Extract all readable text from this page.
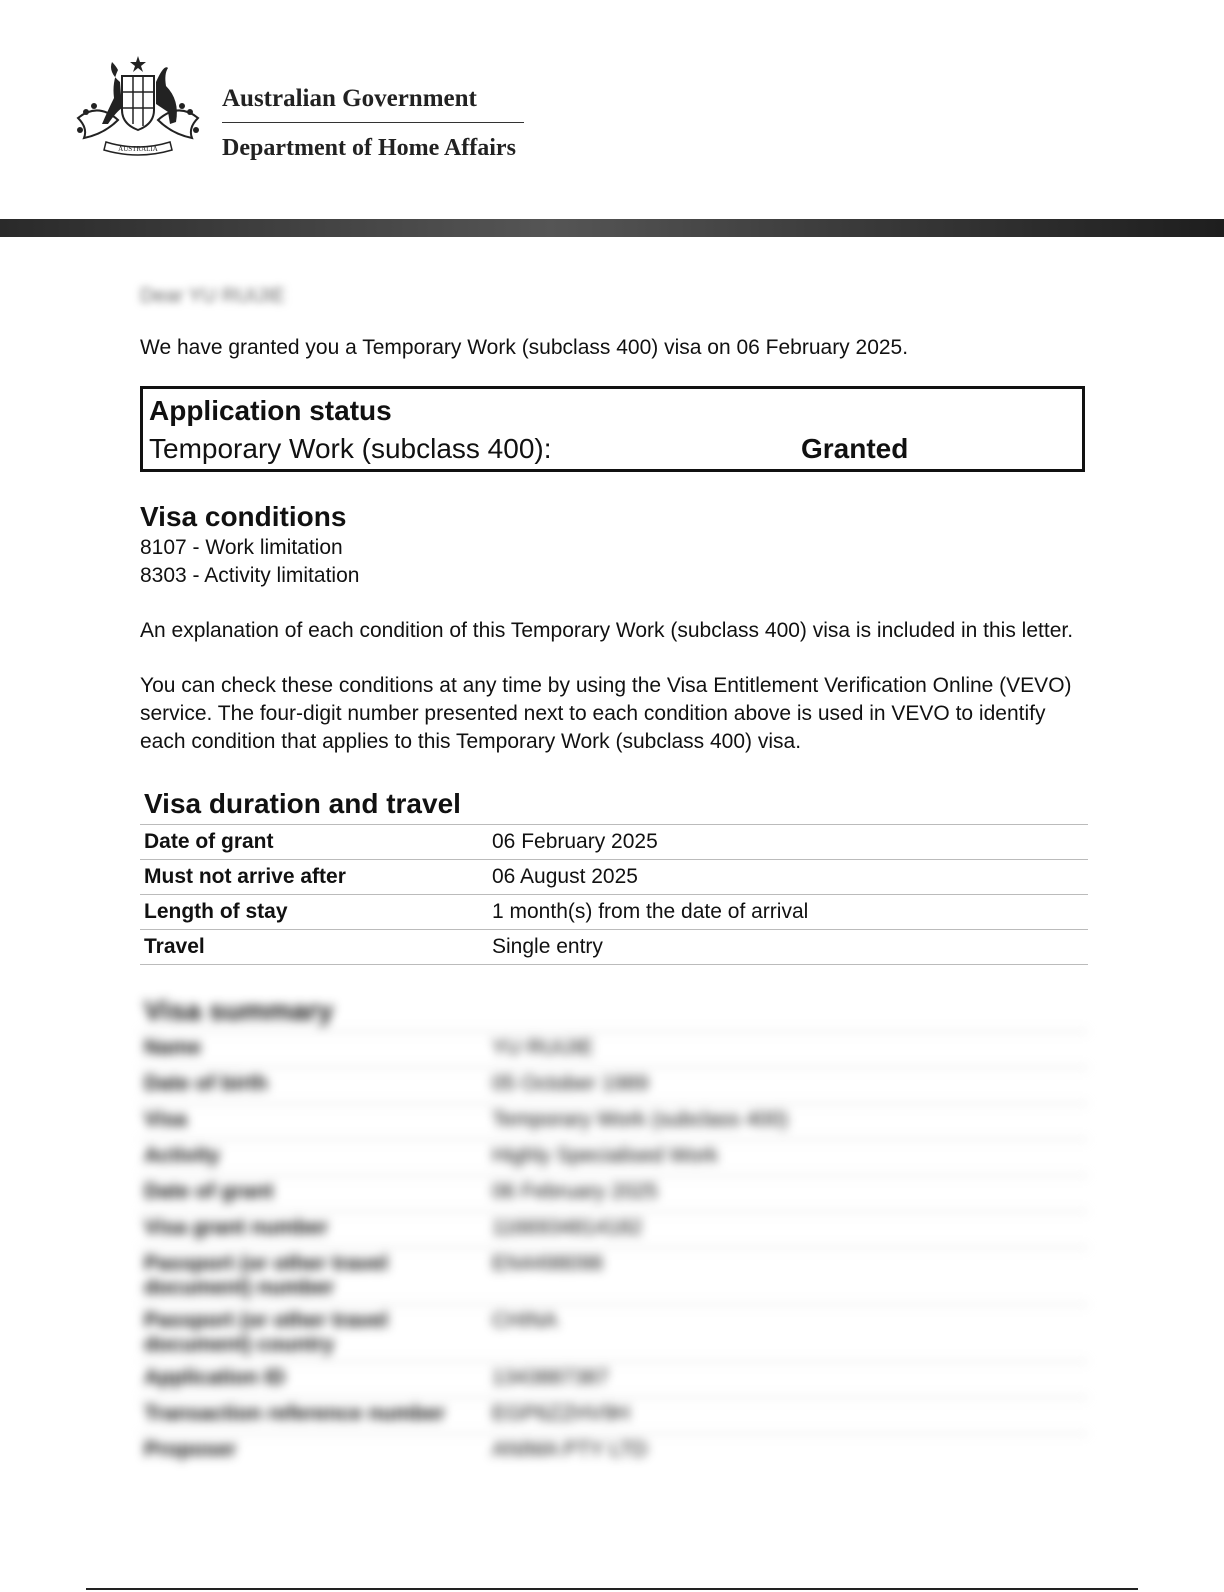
AUSTRALIA
Australian Government
Department of Home Affairs
Dear YU RUIJIE
We have granted you a Temporary Work (subclass 400) visa on 06 February 2025.
Application status
Temporary Work (subclass 400):	Granted
Visa conditions
8107 - Work limitation
8303 - Activity limitation
An explanation of each condition of this Temporary Work (subclass 400) visa is included in this letter.
You can check these conditions at any time by using the Visa Entitlement Verification Online (VEVO) service. The four-digit number presented next to each condition above is used in VEVO to identify each condition that applies to this Temporary Work (subclass 400) visa.
Visa duration and travel
Date of grant	06 February 2025
Must not arrive after	06 August 2025
Length of stay	1 month(s) from the date of arrival
Travel	Single entry
Visa summary
Name	YU RUIJIE
Date of birth	05 October 1989
Visa	Temporary Work (subclass 400)
Activity	Highly Specialised Work
Date of grant	06 February 2025
Visa grant number	1166934814182
Passport (or other travel document) number	EN4498098
Passport (or other travel document) country	CHINA
Application ID	1343887387
Transaction reference number	EGP6ZZHV9H
Proposer	ANIMA PTY LTD
